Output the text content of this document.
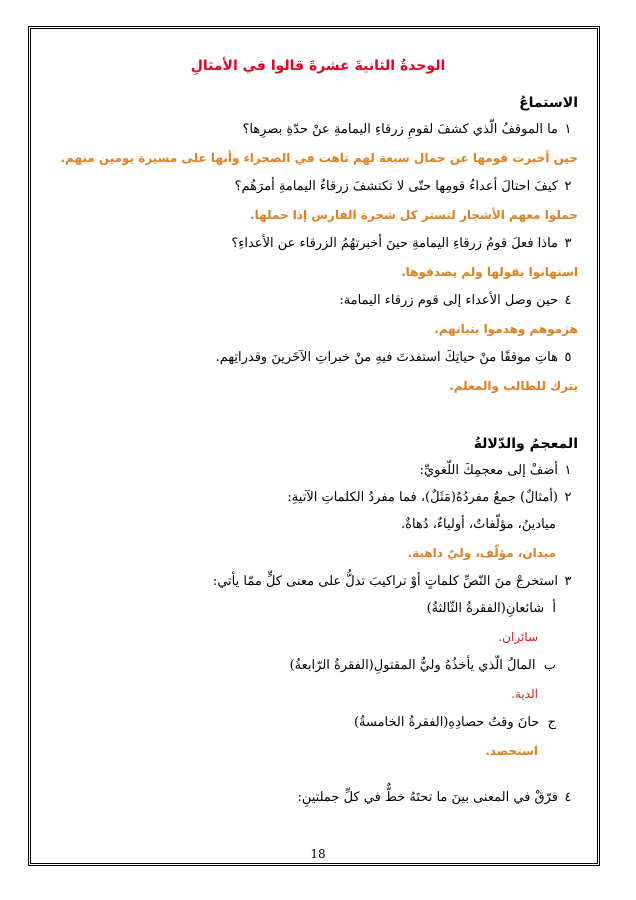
الوحدةُ الثانيةَ عشرةَ قالوا في الأمثالِ
الاستماعُ
١ما الموقفُ الّذي كشفَ لقومِ زرقاءِ اليمامةِ عنْ حدّةِ بصرِها؟
حين أخبرت قومها عن جمال سبعة لهم تاهت في الصحراء وأنها على مسيرة يومين منهم.
٢كيفَ احتالَ أعداءُ قومِها حتّى لا تكتشفَ زرقاءُ اليمامةِ أمرَهُم؟
حملوا معهم الأشجار لتستر كل شجرة الفارس إذا حملها.
٣ماذا فعلَ قومُ زرقاءِ اليمامةِ حينَ أخبرتهُمُ الزرقاء عن الأعداءِ؟
استهانوا بقولها ولم يصدقوها.
٤حين وصل الأعداء إلى قوم زرقاء اليمامة:
هزموهم وهدموا بنيانهم.
٥هاتِ موقفًا منْ حياتِكَ استفدتَ فيهِ منْ خبراتِ الآخَرينَ وقدراتِهم.
يترك للطالب والمعلم.
المعجمُ والدّلالةُ
١أضفْ إلى معجمِكَ اللّغويِّ:
٢(أمثالٌ) جمعٌ مفردُهُ(مَثَلٌ)، فما مفردُ الكلماتِ الآتيةِ:
ميادينُ، مؤلّفاتٌ، أولياءٌ، دُهاةٌ.
ميدان، مؤلّف، وليّ داهية.
٣استخرجْ منَ النّصِّ كلماتٍ أوْ تراكيبَ تدلُّ على معنى كلٍّ ممّا يأتي:
أ  شائعانِ(الفقرةُ الثّالثةُ)
سائران.
ب  المالُ الّذي يأخذُهُ وليُّ المقتولِ(الفقرةُ الرّابعةُ)
الدية.
ج  حانَ وقتُ حصادِهِ(الفقرةُ الخامسةُ)
استحصد.
٤فرّقْ في المعنى بينَ ما تحتَهُ خطٌّ في كلِّ جملتينِ:
18
